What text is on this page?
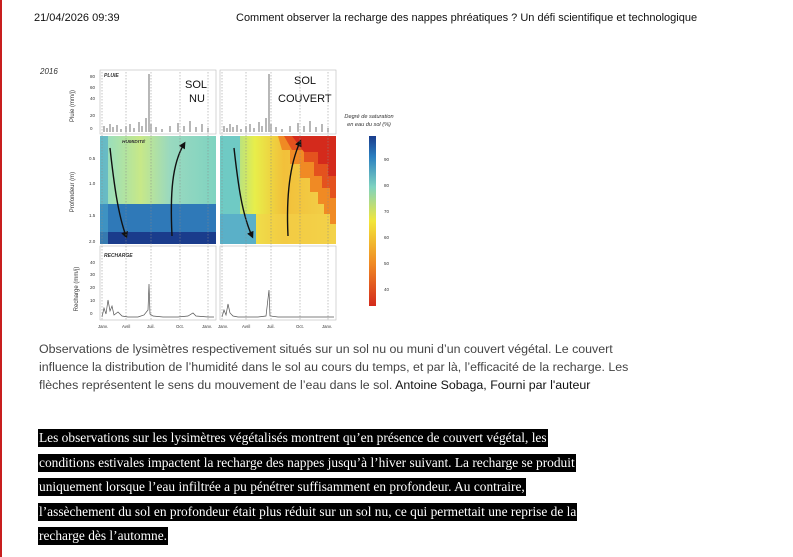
21/04/2026 09:39	Comment observer la recharge des nappes phréatiques ? Un défi scientifique et technologique
2016
Pluie (mm/j)
Profondeur (m)
Recharge (mm/j)
80
60
40
20
0
0.5
1.0
1.5
2.0
40
30
20
10
0
PLUIE
SOL
NU
HUMIDITÉ
RECHARGE
Janv.	Avril	Juil.	Oct.	Janv.
SOL
COUVERT
Janv.	Avril	Juil.	Oct.	Janv.
Degré de saturation
en eau du sol (%)
90
80
70
60
50
40
Observations de lysimètres respectivement situés sur un sol nu ou muni d’un couvert végétal. Le couvert influence la distribution de l’humidité dans le sol au cours du temps, et par là, l’efficacité de la recharge. Les flèches représentent le sens du mouvement de l’eau dans le sol. Antoine Sobaga, Fourni par l'auteur
Les observations sur les lysimètres végétalisés montrent qu’en présence de couvert végétal, les
conditions estivales impactent la recharge des nappes jusqu’à l’hiver suivant. La recharge se produit
uniquement lorsque l’eau infiltrée a pu pénétrer suffisamment en profondeur. Au contraire,
l’assèchement du sol en profondeur était plus réduit sur un sol nu, ce qui permettait une reprise de la
recharge dès l’automne.
